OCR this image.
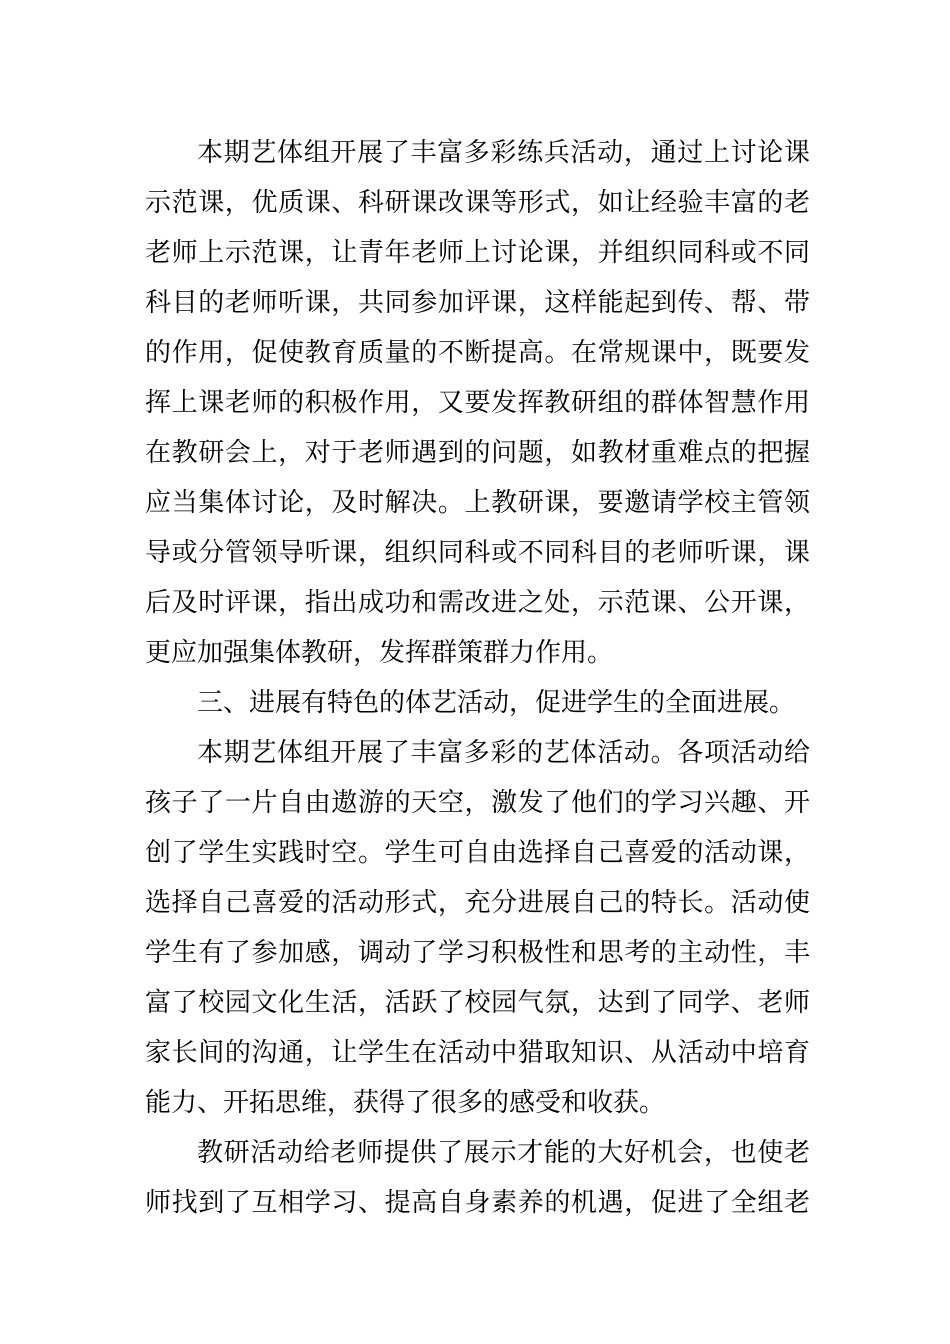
本期艺体组开展了丰富多彩练兵活动，通过上讨论课
示范课，优质课、科研课改课等形式，如让经验丰富的老
老师上示范课，让青年老师上讨论课，并组织同科或不同
科目的老师听课，共同参加评课，这样能起到传、帮、带
的作用，促使教育质量的不断提高。在常规课中，既要发
挥上课老师的积极作用，又要发挥教研组的群体智慧作用
在教研会上，对于老师遇到的问题，如教材重难点的把握
应当集体讨论，及时解决。上教研课，要邀请学校主管领
导或分管领导听课，组织同科或不同科目的老师听课，课
后及时评课，指出成功和需改进之处，示范课、公开课，
更应加强集体教研，发挥群策群力作用。
三、进展有特色的体艺活动，促进学生的全面进展。
本期艺体组开展了丰富多彩的艺体活动。各项活动给
孩子了一片自由遨游的天空，激发了他们的学习兴趣、开
创了学生实践时空。学生可自由选择自己喜爱的活动课，
选择自己喜爱的活动形式，充分进展自己的特长。活动使
学生有了参加感，调动了学习积极性和思考的主动性，丰
富了校园文化生活，活跃了校园气氛，达到了同学、老师
家长间的沟通，让学生在活动中猎取知识、从活动中培育
能力、开拓思维，获得了很多的感受和收获。
教研活动给老师提供了展示才能的大好机会，也使老
师找到了互相学习、提高自身素养的机遇，促进了全组老
